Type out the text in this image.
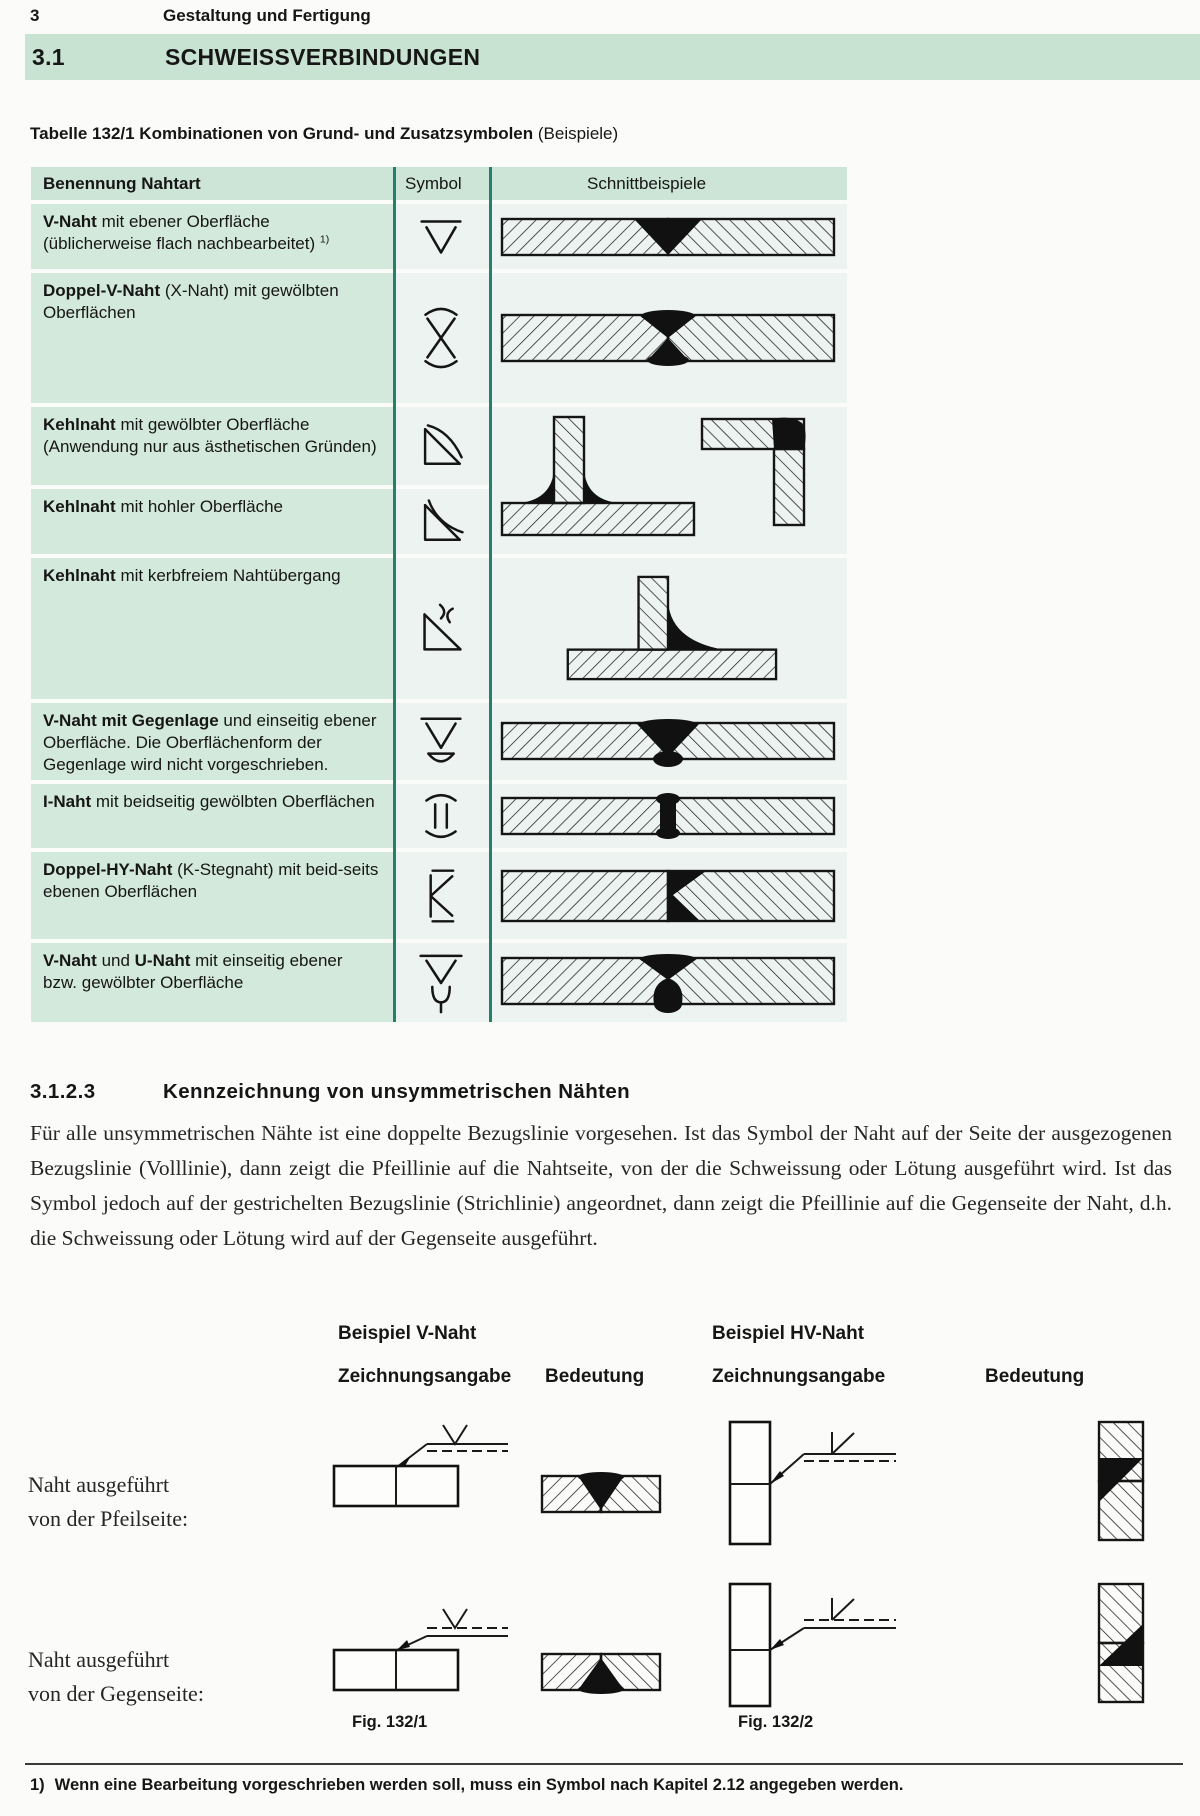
3	Gestaltung und Fertigung
3.1	SCHWEISSVERBINDUNGEN
Tabelle 132/1 Kombinationen von Grund- und Zusatzsymbolen (Beispiele)
Benennung Nahtart	Symbol	Schnittbeispiele
V-Naht mit ebener Oberfläche (üblicherweise flach nachbearbeitet) $^{1)}$
Doppel-V-Naht (X-Naht) mit gewölbten Oberflächen
Kehlnaht mit gewölbter Oberfläche (Anwendung nur aus ästhetischen Gründen)
Kehlnaht mit hohler Oberfläche
Kehlnaht mit kerbfreiem Nahtübergang
V-Naht mit Gegenlage und einseitig ebener Oberfläche. Die Oberflächenform der Gegenlage wird nicht vorgeschrieben.
I-Naht mit beidseitig gewölbten Oberflächen
Doppel-HY-Naht (K-Stegnaht) mit beid-seits ebenen Oberflächen
V-Naht und U-Naht mit einseitig ebener bzw. gewölbter Oberfläche
3.1.2.3	Kennzeichnung von unsymmetrischen Nähten
Für alle unsymmetrischen Nähte ist eine doppelte Bezugslinie vorgesehen. Ist das Symbol der Naht auf der Seite der ausgezogenen Bezugslinie (Volllinie), dann zeigt die Pfeillinie auf die Nahtseite, von der die Schweissung oder Lötung ausgeführt wird. Ist das Symbol jedoch auf der gestrichelten Bezugslinie (Strichlinie) angeordnet, dann zeigt die Pfeillinie auf die Gegenseite der Naht, d.h. die Schweissung oder Lötung wird auf der Gegenseite ausgeführt.
Beispiel V-Naht
Zeichnungsangabe Bedeutung
Beispiel HV-Naht
Zeichnungsangabe	Bedeutung
Naht ausgeführt
von der Pfeilseite:
Naht ausgeführt
von der Gegenseite:
Fig. 132/1	Fig. 132/2
1) Wenn eine Bearbeitung vorgeschrieben werden soll, muss ein Symbol nach Kapitel 2.12 angegeben werden.
